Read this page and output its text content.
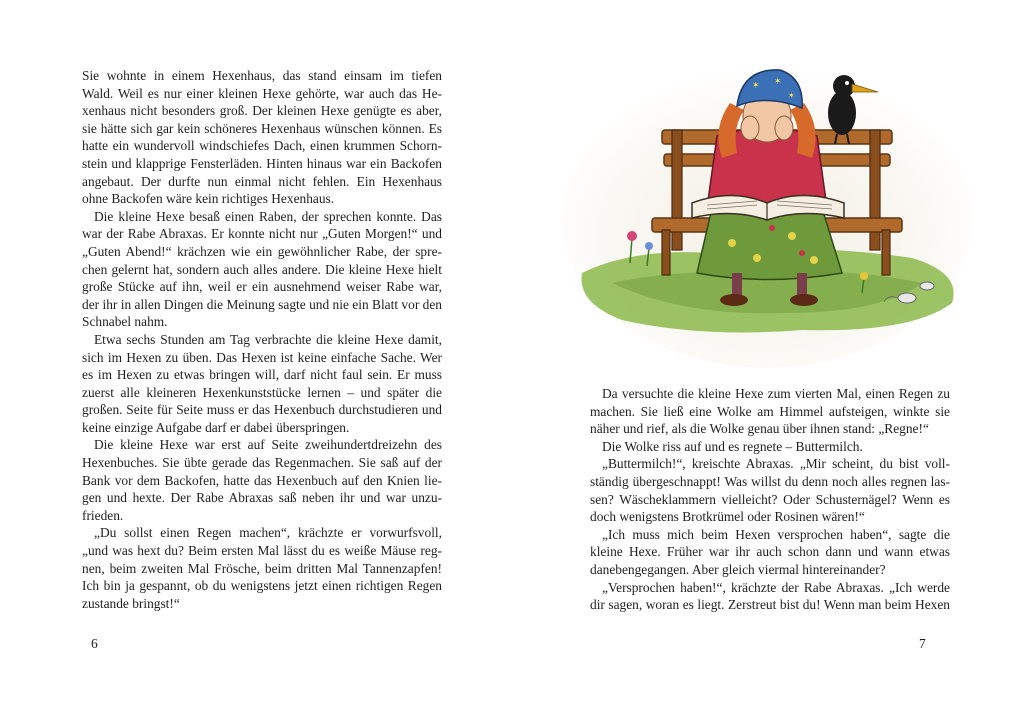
Sie wohnte in einem Hexenhaus, das stand einsam im tiefen
Wald. Weil es nur einer kleinen Hexe gehörte, war auch das He-
xenhaus nicht besonders groß. Der kleinen Hexe genügte es aber,
sie hätte sich gar kein schöneres Hexenhaus wünschen können. Es
hatte ein wundervoll windschiefes Dach, einen krummen Schorn-
stein und klapprige Fensterläden. Hinten hinaus war ein Backofen
angebaut. Der durfte nun einmal nicht fehlen. Ein Hexenhaus
ohne Backofen wäre kein richtiges Hexenhaus.
Die kleine Hexe besaß einen Raben, der sprechen konnte. Das
war der Rabe Abraxas. Er konnte nicht nur „Guten Morgen!“ und
„Guten Abend!“ krächzen wie ein gewöhnlicher Rabe, der spre-
chen gelernt hat, sondern auch alles andere. Die kleine Hexe hielt
große Stücke auf ihn, weil er ein ausnehmend weiser Rabe war,
der ihr in allen Dingen die Meinung sagte und nie ein Blatt vor den
Schnabel nahm.
Etwa sechs Stunden am Tag verbrachte die kleine Hexe damit,
sich im Hexen zu üben. Das Hexen ist keine einfache Sache. Wer
es im Hexen zu etwas bringen will, darf nicht faul sein. Er muss
zuerst alle kleineren Hexenkunststücke lernen – und später die
großen. Seite für Seite muss er das Hexenbuch durchstudieren und
keine einzige Aufgabe darf er dabei überspringen.
Die kleine Hexe war erst auf Seite zweihundertdreizehn des
Hexenbuches. Sie übte gerade das Regenmachen. Sie saß auf der
Bank vor dem Backofen, hatte das Hexenbuch auf den Knien lie-
gen und hexte. Der Rabe Abraxas saß neben ihr und war unzu-
frieden.
„Du sollst einen Regen machen“, krächzte er vorwurfsvoll,
„und was hext du? Beim ersten Mal lässt du es weiße Mäuse reg-
nen, beim zweiten Mal Frösche, beim dritten Mal Tannenzapfen!
Ich bin ja gespannt, ob du wenigstens jetzt einen richtigen Regen
zustande bringst!“
6
✶ ✶
✶
Da versuchte die kleine Hexe zum vierten Mal, einen Regen zu
machen. Sie ließ eine Wolke am Himmel aufsteigen, winkte sie
näher und rief, als die Wolke genau über ihnen stand: „Regne!“
Die Wolke riss auf und es regnete – Buttermilch.
„Buttermilch!“, kreischte Abraxas. „Mir scheint, du bist voll-
ständig übergeschnappt! Was willst du denn noch alles regnen las-
sen? Wäscheklammern vielleicht? Oder Schusternägel? Wenn es
doch wenigstens Brotkrümel oder Rosinen wären!“
„Ich muss mich beim Hexen versprochen haben“, sagte die
kleine Hexe. Früher war ihr auch schon dann und wann etwas
danebengegangen. Aber gleich viermal hintereinander?
„Versprochen haben!“, krächzte der Rabe Abraxas. „Ich werde
dir sagen, woran es liegt. Zerstreut bist du! Wenn man beim Hexen
7
